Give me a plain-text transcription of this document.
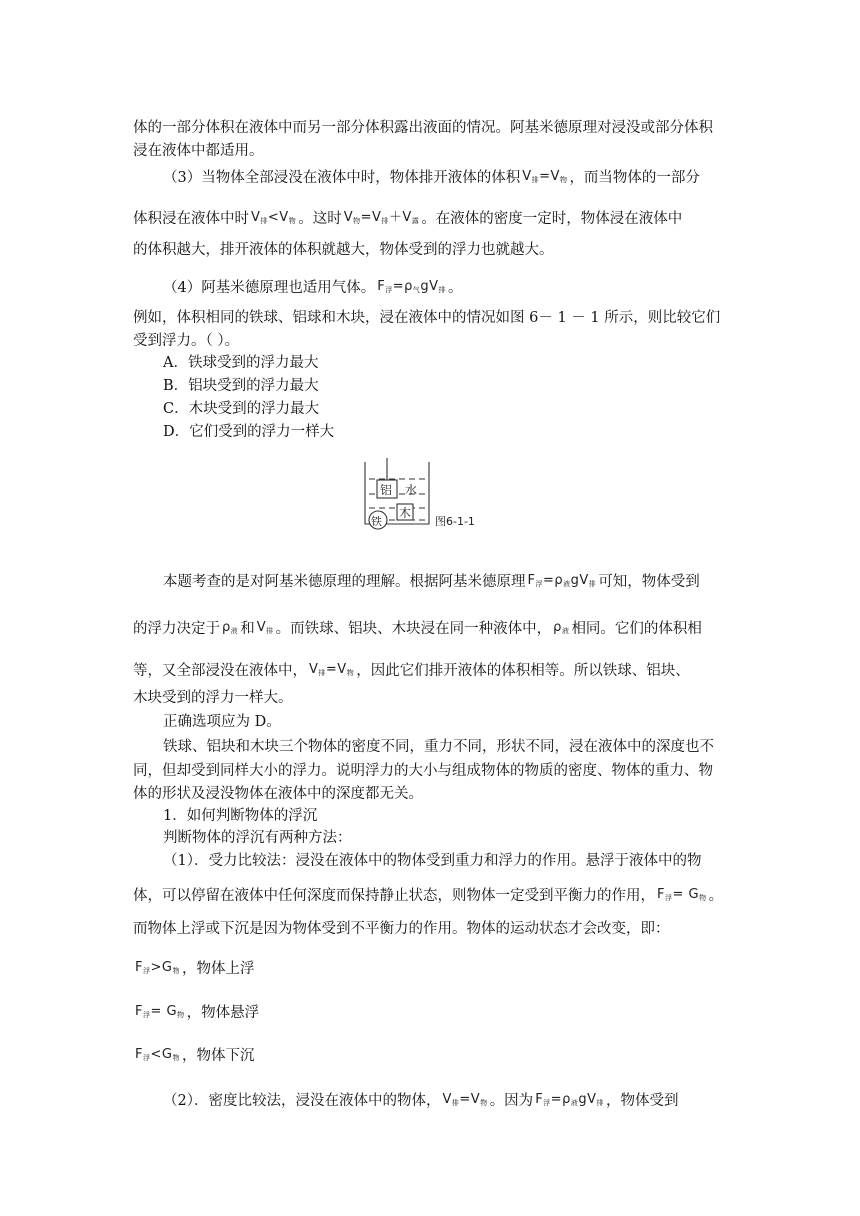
体的一部分体积在液体中而另一部分体积露出液面的情况。阿基米德原理对浸没或部分体积
浸在液体中都适用。
（3）当物体全部浸没在液体中时，物体排开液体的体积 $V_排=V_物$ ，而当物体的一部分
体积浸在液体中时 $V_排<V_物$ 。这时 $V_物=V_排+V_露$ 。在液体的密度一定时，物体浸在液体中
的体积越大，排开液体的体积就越大，物体受到的浮力也就越大。
（4）阿基米德原理也适用气体。 $F_浮=\rho_气gV_排$ 。
例如，体积相同的铁球、铝球和木块，浸在液体中的情况如图 6－ 1 － 1 所示，则比较它们
受到浮力。（ ）。
A．铁球受到的浮力最大
B．铝块受到的浮力最大
C．木块受到的浮力最大
D．它们受到的浮力一样大
铝 水
木
铁	图6-1-1
本题考查的是对阿基米德原理的理解。根据阿基米德原理 $F_浮=\rho_液gV_排$ 可知，物体受到
的浮力决定于 $\rho_液$ 和 $V_排$ 。而铁球、铝块、木块浸在同一种液体中， $\rho_液$ 相同。它们的体积相
等，又全部浸没在液体中， $V_排=V_物$ ，因此它们排开液体的体积相等。所以铁球、铝块、
木块受到的浮力一样大。
正确选项应为 D。
铁球、铝块和木块三个物体的密度不同，重力不同，形状不同，浸在液体中的深度也不
同，但却受到同样大小的浮力。说明浮力的大小与组成物体的物质的密度、物体的重力、物
体的形状及浸没物体在液体中的深度都无关。
1．如何判断物体的浮沉
判断物体的浮沉有两种方法：
（1）．受力比较法：浸没在液体中的物体受到重力和浮力的作用。悬浮于液体中的物
体，可以停留在液体中任何深度而保持静止状态，则物体一定受到平衡力的作用， $F_浮= G_物$ 。
而物体上浮或下沉是因为物体受到不平衡力的作用。物体的运动状态才会改变，即：
$F_浮>G_物$ ，物体上浮
$F_浮= G_物$ ，物体悬浮
$F_浮<G_物$ ，物体下沉
（2）．密度比较法，浸没在液体中的物体， $V_排=V_物$ 。因为 $F_浮=\rho_液gV_排$ ，物体受到
